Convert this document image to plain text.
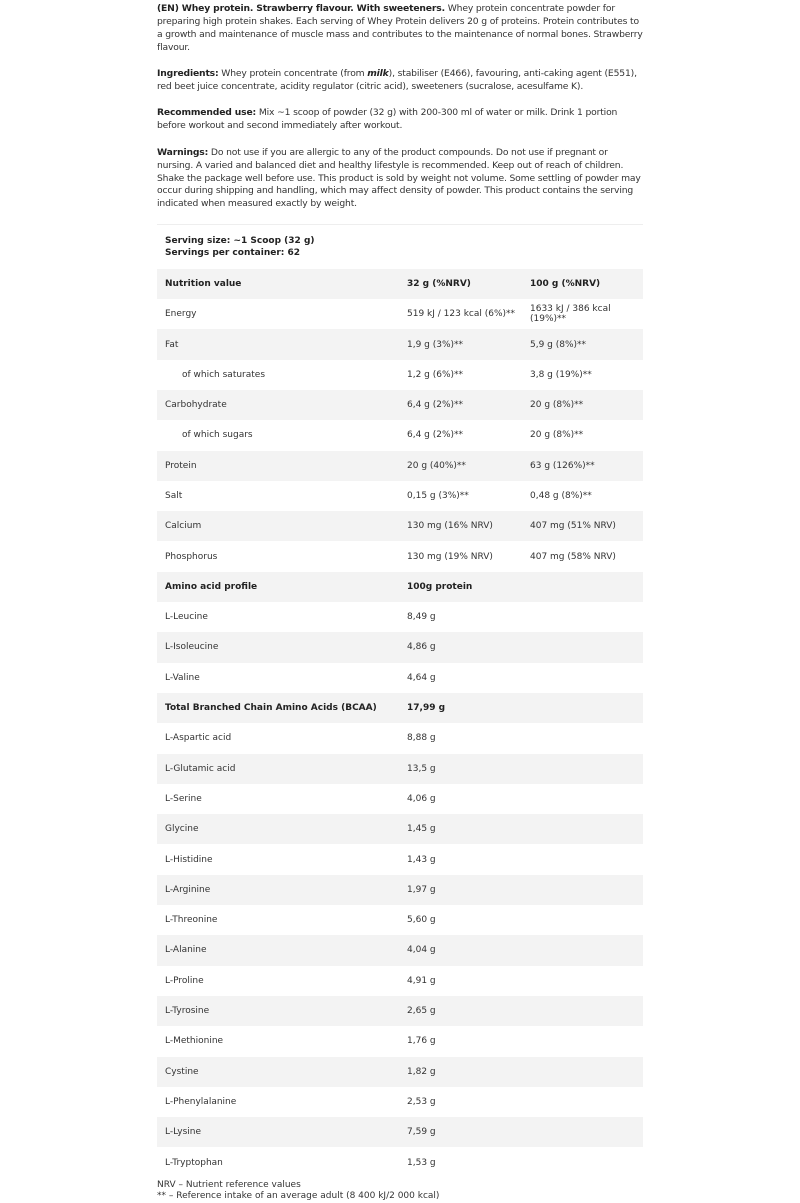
(EN) Whey protein. Strawberry flavour. With sweeteners. Whey protein concentrate powder for preparing high protein shakes. Each serving of Whey Protein delivers 20 g of proteins. Protein contributes to a growth and maintenance of muscle mass and contributes to the maintenance of normal bones. Strawberry flavour.

Ingredients: Whey protein concentrate (from milk), stabiliser (E466), favouring, anti-caking agent (E551), red beet juice concentrate, acidity regulator (citric acid), sweeteners (sucralose, acesulfame K).

Recommended use: Mix ~1 scoop of powder (32 g) with 200-300 ml of water or milk. Drink 1 portion before workout and second immediately after workout.

Warnings: Do not use if you are allergic to any of the product compounds. Do not use if pregnant or nursing. A varied and balanced diet and healthy lifestyle is recommended. Keep out of reach of children. Shake the package well before use. This product is sold by weight not volume. Some settling of powder may occur during shipping and handling, which may affect density of powder. This product contains the serving indicated when measured exactly by weight.

Serving size: ~1 Scoop (32 g)
Servings per container: 62
Nutrition value	32 g (%NRV)	100 g (%NRV)
Energy	519 kJ / 123 kcal (6%)**	1633 kJ / 386 kcal (19%)**
Fat	1,9 g (3%)**	5,9 g (8%)**
of which saturates	1,2 g (6%)**	3,8 g (19%)**
Carbohydrate	6,4 g (2%)**	20 g (8%)**
of which sugars	6,4 g (2%)**	20 g (8%)**
Protein	20 g (40%)**	63 g (126%)**
Salt	0,15 g (3%)**	0,48 g (8%)**
Calcium	130 mg (16% NRV)	407 mg (51% NRV)
Phosphorus	130 mg (19% NRV)	407 mg (58% NRV)
Amino acid profile	100g protein	
L-Leucine	8,49 g	
L-Isoleucine	4,86 g	
L-Valine	4,64 g	
Total Branched Chain Amino Acids (BCAA)	17,99 g	
L-Aspartic acid	8,88 g	
L-Glutamic acid	13,5 g	
L-Serine	4,06 g	
Glycine	1,45 g	
L-Histidine	1,43 g	
L-Arginine	1,97 g	
L-Threonine	5,60 g	
L-Alanine	4,04 g	
L-Proline	4,91 g	
L-Tyrosine	2,65 g	
L-Methionine	1,76 g	
Cystine	1,82 g	
L-Phenylalanine	2,53 g	
L-Lysine	7,59 g	
L-Tryptophan	1,53 g	
NRV – Nutrient reference values
** – Reference intake of an average adult (8 400 kJ/2 000 kcal)
